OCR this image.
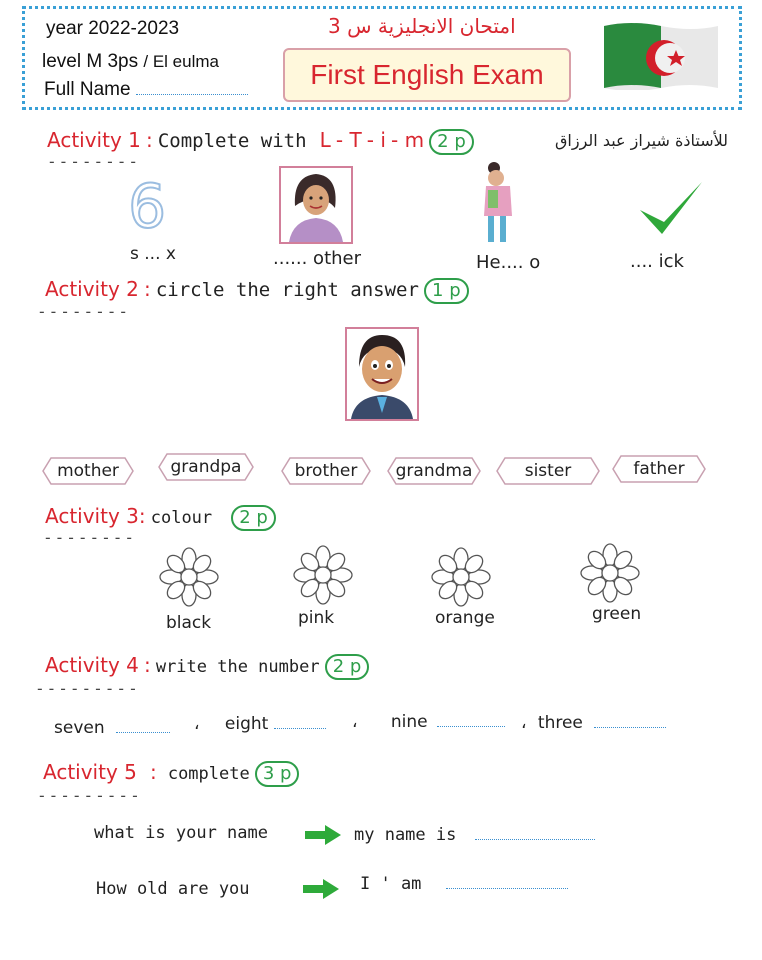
year 2022-2023
level M 3ps / El eulma
Full Name
امتحان الانجليزية س 3
First English Exam
للأستاذة شيراز عبد الرزاق
Activity 1 : Complete with L - T - i - m 2 p
--------
6
s ... x	...... other	He.... o	.... ick
Activity 2 : circle the right answer 1 p
--------
mother	grandpa	brother grandma	sister	father
Activity 3: colour 2 p
--------
black	pink	orange	green
Activity 4 : write the number 2 p
---------
seven	، eight	، nine	، three
Activity 5 : complete 3 p
---------
what is your name	my name is
How old are you	I ' am
